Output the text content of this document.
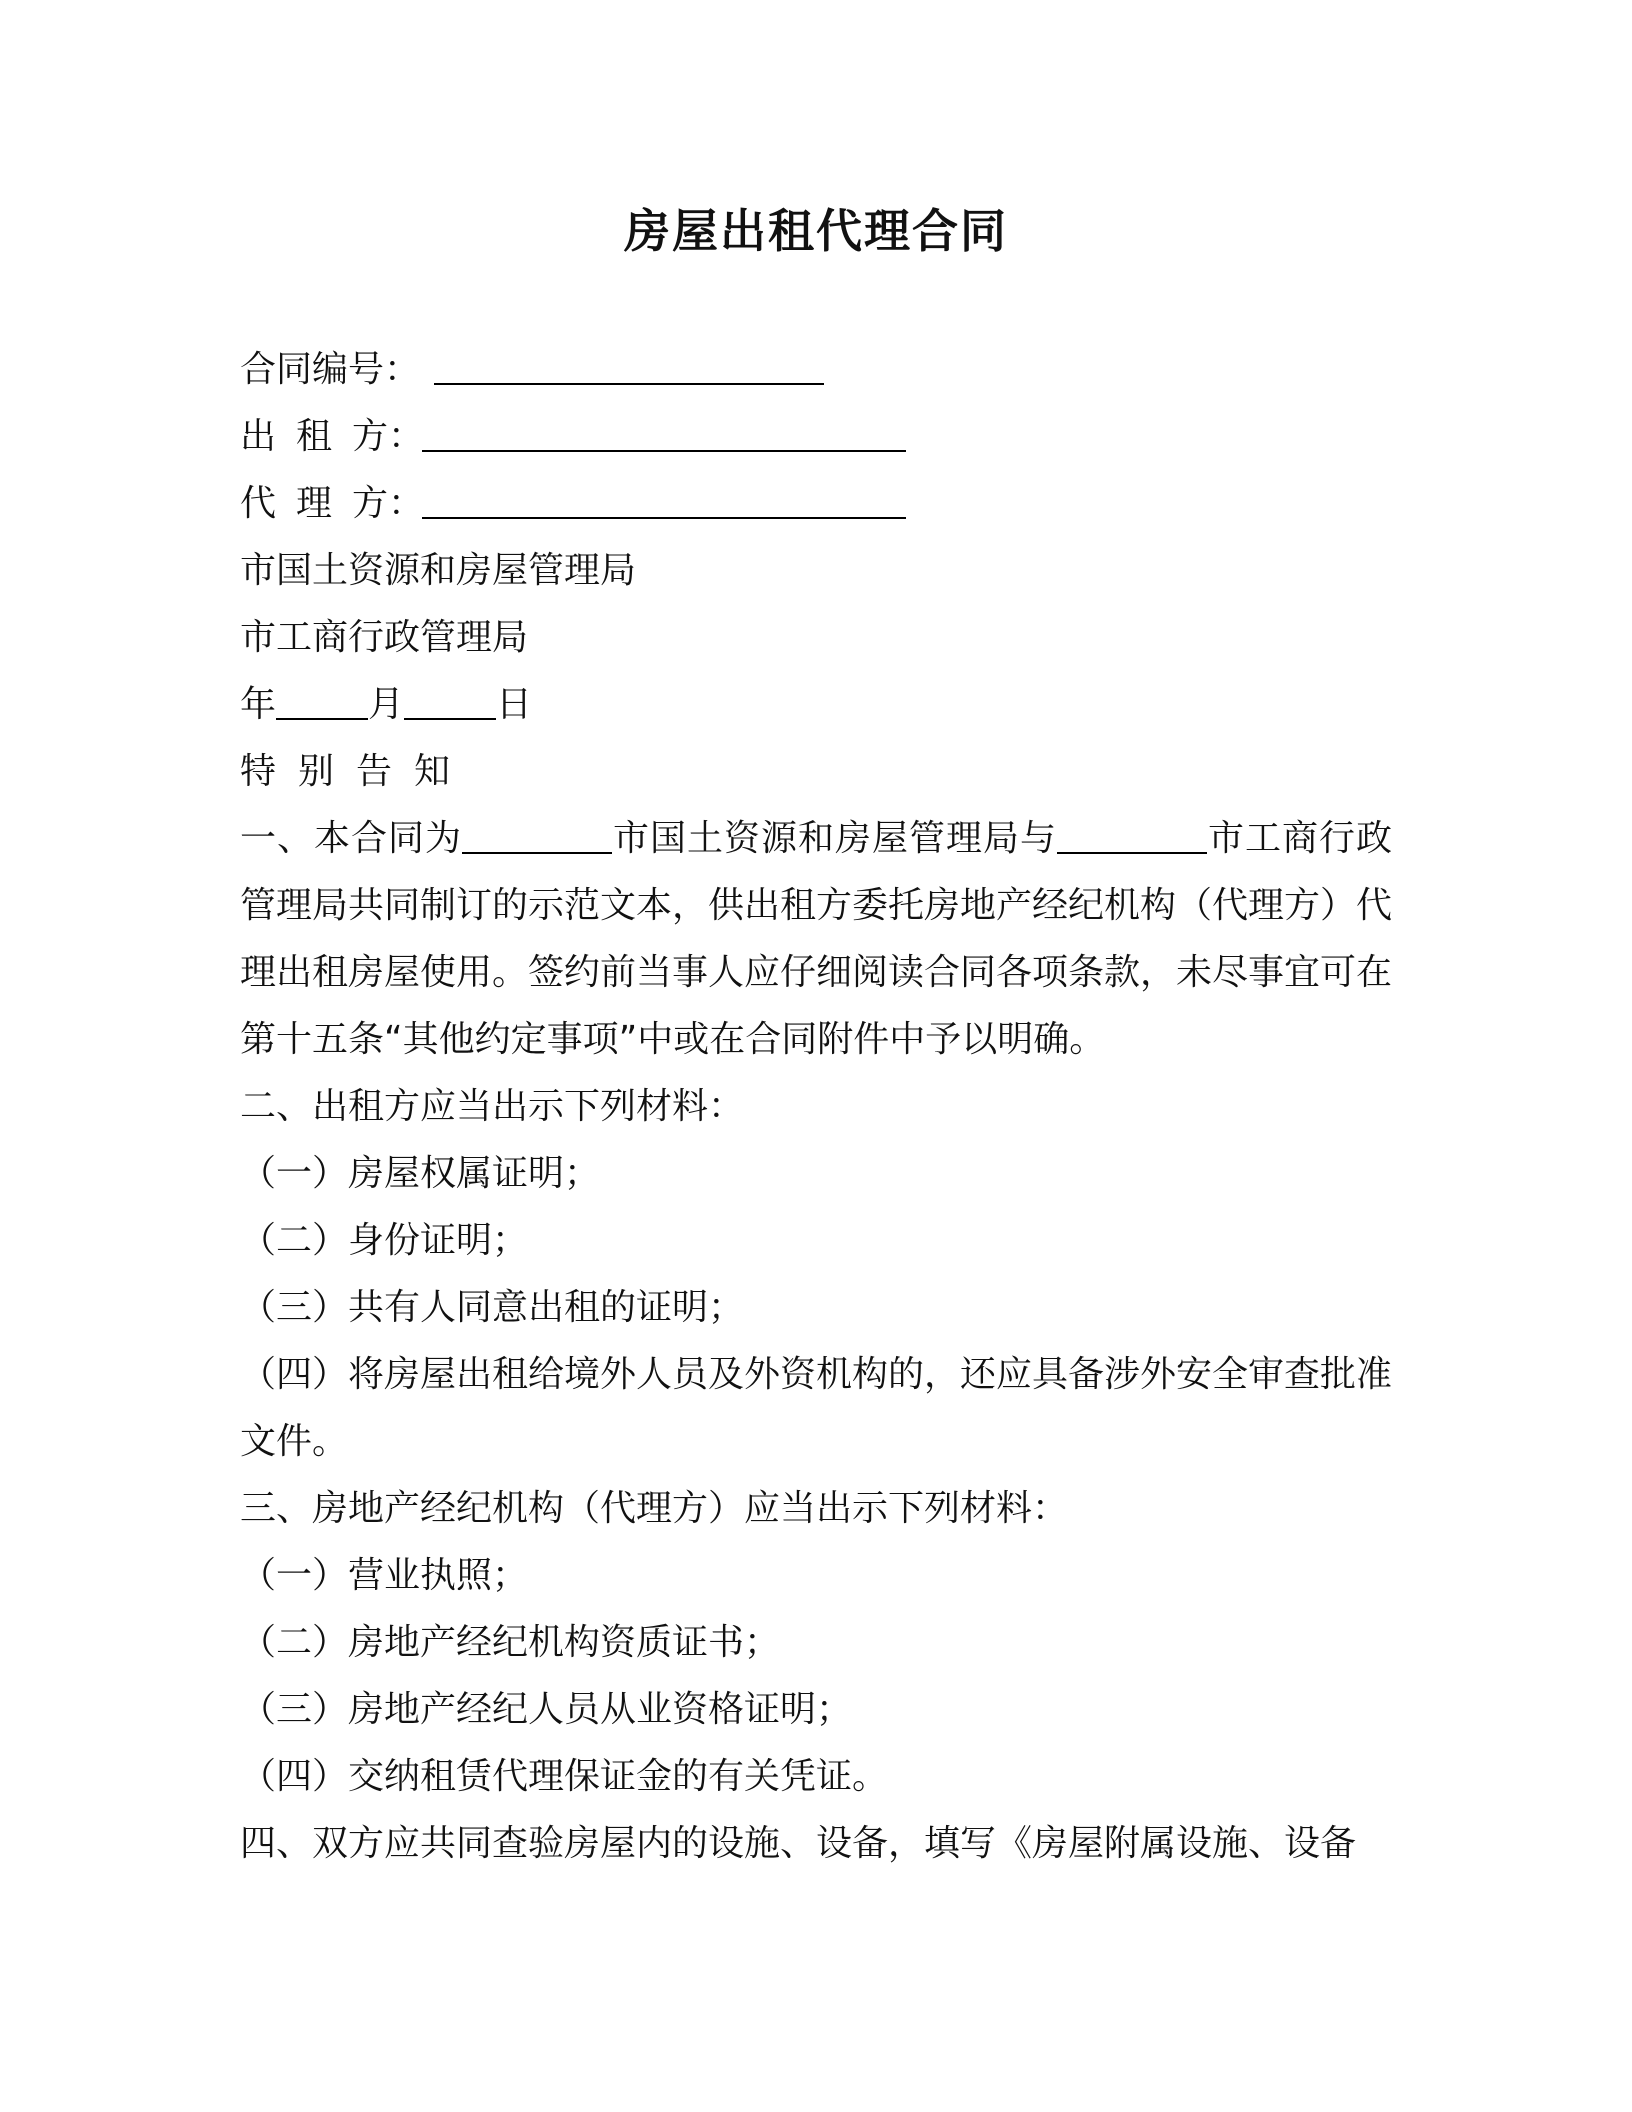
房屋出租代理合同
合同编号：
出 租 方：
代 理 方：
市国土资源和房屋管理局
市工商行政管理局
年	月	日
特别告知
一、本合同为	市国土资源和房屋管理局与	市工商行政管理局共同制订的示范文本，供出租方委托房地产经纪机构（代理方）代理出租房屋使用。签约前当事人应仔细阅读合同各项条款，未尽事宜可在第十五条“其他约定事项”中或在合同附件中予以明确。
二、出租方应当出示下列材料：
（一）房屋权属证明；
（二）身份证明；
（三）共有人同意出租的证明；
（四）将房屋出租给境外人员及外资机构的，还应具备涉外安全审查批准文件。
三、房地产经纪机构（代理方）应当出示下列材料：
（一）营业执照；
（二）房地产经纪机构资质证书；
（三）房地产经纪人员从业资格证明；
（四）交纳租赁代理保证金的有关凭证。
四、双方应共同查验房屋内的设施、设备，填写《房屋附属设施、设备
